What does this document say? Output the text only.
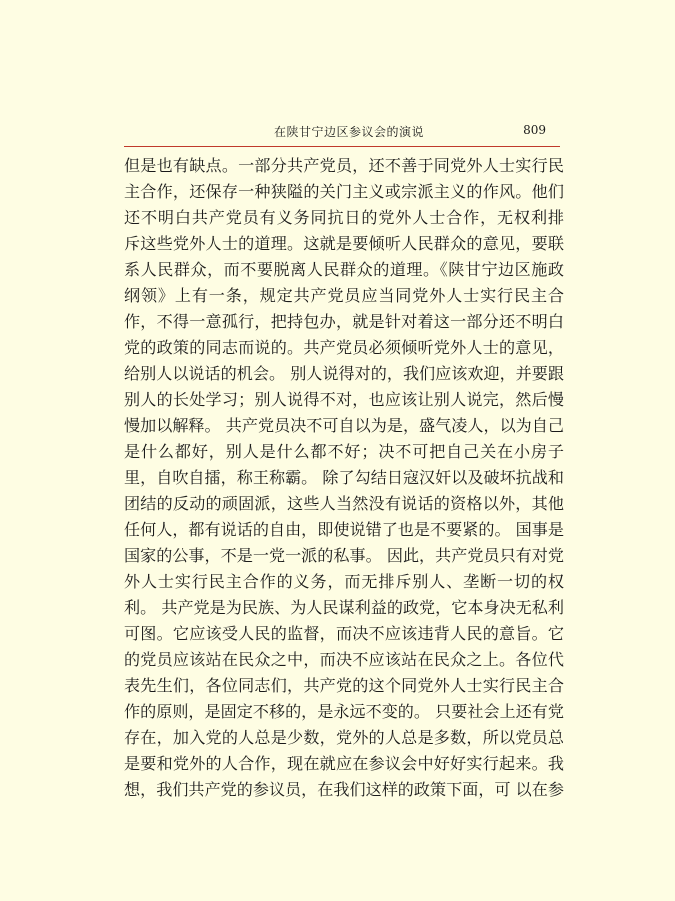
在陕甘宁边区参议会的演说	809
但是也有缺点。一部分共产党员，还不善于同党外人士实行民
主合作，还保存一种狭隘的关门主义或宗派主义的作风。他们
还不明白共产党员有义务同抗日的党外人士合作，无权利排
斥这些党外人士的道理。这就是要倾听人民群众的意见，要联
系人民群众，而不要脱离人民群众的道理。《陕甘宁边区施政
纲领》上有一条，规定共产党员应当同党外人士实行民主合
作，不得一意孤行，把持包办，就是针对着这一部分还不明白
党的政策的同志而说的。共产党员必须倾听党外人士的意见，
给别人以说话的机会。 别人说得对的，我们应该欢迎，并要跟
别人的长处学习；别人说得不对，也应该让别人说完，然后慢
慢加以解释。 共产党员决不可自以为是，盛气凌人，以为自己
是什么都好，别人是什么都不好；决不可把自己关在小房子
里，自吹自擂，称王称霸。 除了勾结日寇汉奸以及破坏抗战和
团结的反动的顽固派，这些人当然没有说话的资格以外，其他
任何人，都有说话的自由，即使说错了也是不要紧的。 国事是
国家的公事，不是一党一派的私事。 因此，共产党员只有对党
外人士实行民主合作的义务，而无排斥别人、垄断一切的权
利。 共产党是为民族、为人民谋利益的政党，它本身决无私利
可图。它应该受人民的监督，而决不应该违背人民的意旨。它
的党员应该站在民众之中，而决不应该站在民众之上。各位代
表先生们，各位同志们，共产党的这个同党外人士实行民主合
作的原则，是固定不移的，是永远不变的。 只要社会上还有党
存在，加入党的人总是少数，党外的人总是多数，所以党员总
是要和党外的人合作，现在就应在参议会中好好实行起来。我
想，我们共产党的参议员，在我们这样的政策下面，可 以在参
